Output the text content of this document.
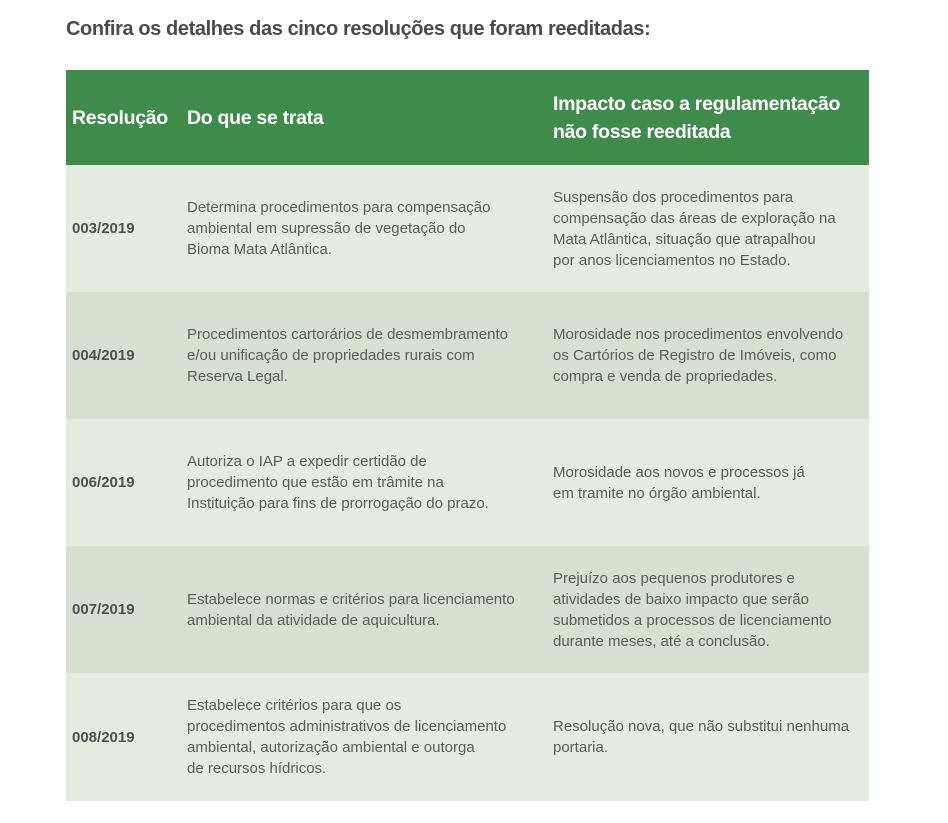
Confira os detalhes das cinco resoluções que foram reeditadas:
Resolução Do que se trata
Impacto caso a regulamentação
não fosse reeditada
003/2019
Determina procedimentos para compensação
ambiental em supressão de vegetação do
Bioma Mata Atlântica.
Suspensão dos procedimentos para
compensação das áreas de exploração na
Mata Atlântica, situação que atrapalhou
por anos licenciamentos no Estado.
004/2019
Procedimentos cartorários de desmembramento
e/ou unificação de propriedades rurais com
Reserva Legal.
Morosidade nos procedimentos envolvendo
os Cartórios de Registro de Imóveis, como
compra e venda de propriedades.
006/2019
Autoriza o IAP a expedir certidão de
procedimento que estão em trâmite na
Instituição para fins de prorrogação do prazo.
Morosidade aos novos e processos já
em tramite no órgão ambiental.
007/2019
Estabelece normas e critérios para licenciamento
ambiental da atividade de aquicultura.
Prejuízo aos pequenos produtores e
atividades de baixo impacto que serão
submetidos a processos de licenciamento
durante meses, até a conclusão.
008/2019
Estabelece critérios para que os
procedimentos administrativos de licenciamento
ambiental, autorização ambiental e outorga
de recursos hídricos.
Resolução nova, que não substitui nenhuma
portaria.
